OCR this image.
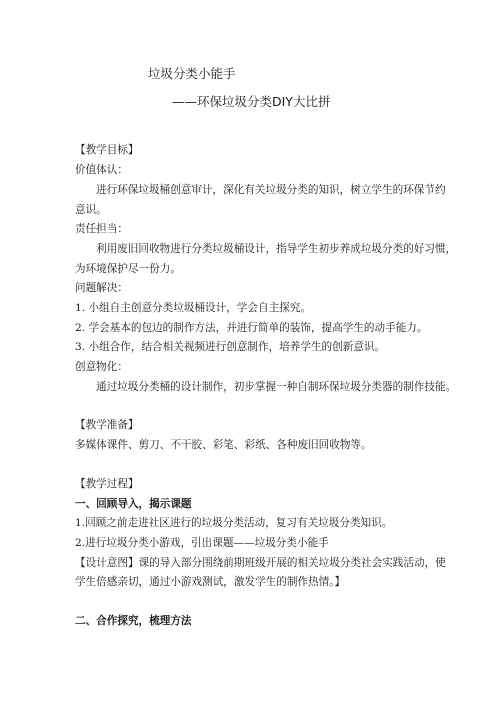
垃圾分类小能手
——环保垃圾分类DIY大比拼
【教学目标】
价值体认：
进行环保垃圾桶创意审计，深化有关垃圾分类的知识，树立学生的环保节约
意识。
责任担当：
利用废旧回收物进行分类垃圾桶设计，指导学生初步养成垃圾分类的好习惯，
为环境保护尽一份力。
问题解决：
1. 小组自主创意分类垃圾桶设计，学会自主探究。
2. 学会基本的包边的制作方法，并进行简单的装饰，提高学生的动手能力。
3. 小组合作，结合相关视频进行创意制作，培养学生的创新意识。
创意物化：
通过垃圾分类桶的设计制作，初步掌握一种自制环保垃圾分类器的制作技能。
【教学准备】
多媒体课件、剪刀、不干胶、彩笔、彩纸、各种废旧回收物等。
【教学过程】
一、回顾导入，揭示课题
1.回顾之前走进社区进行的垃圾分类活动，复习有关垃圾分类知识。
2.进行垃圾分类小游戏，引出课题——垃圾分类小能手
【设计意图】课的导入部分围绕前期班级开展的相关垃圾分类社会实践活动，使
学生倍感亲切，通过小游戏测试，激发学生的制作热情。】
二、合作探究，梳理方法
